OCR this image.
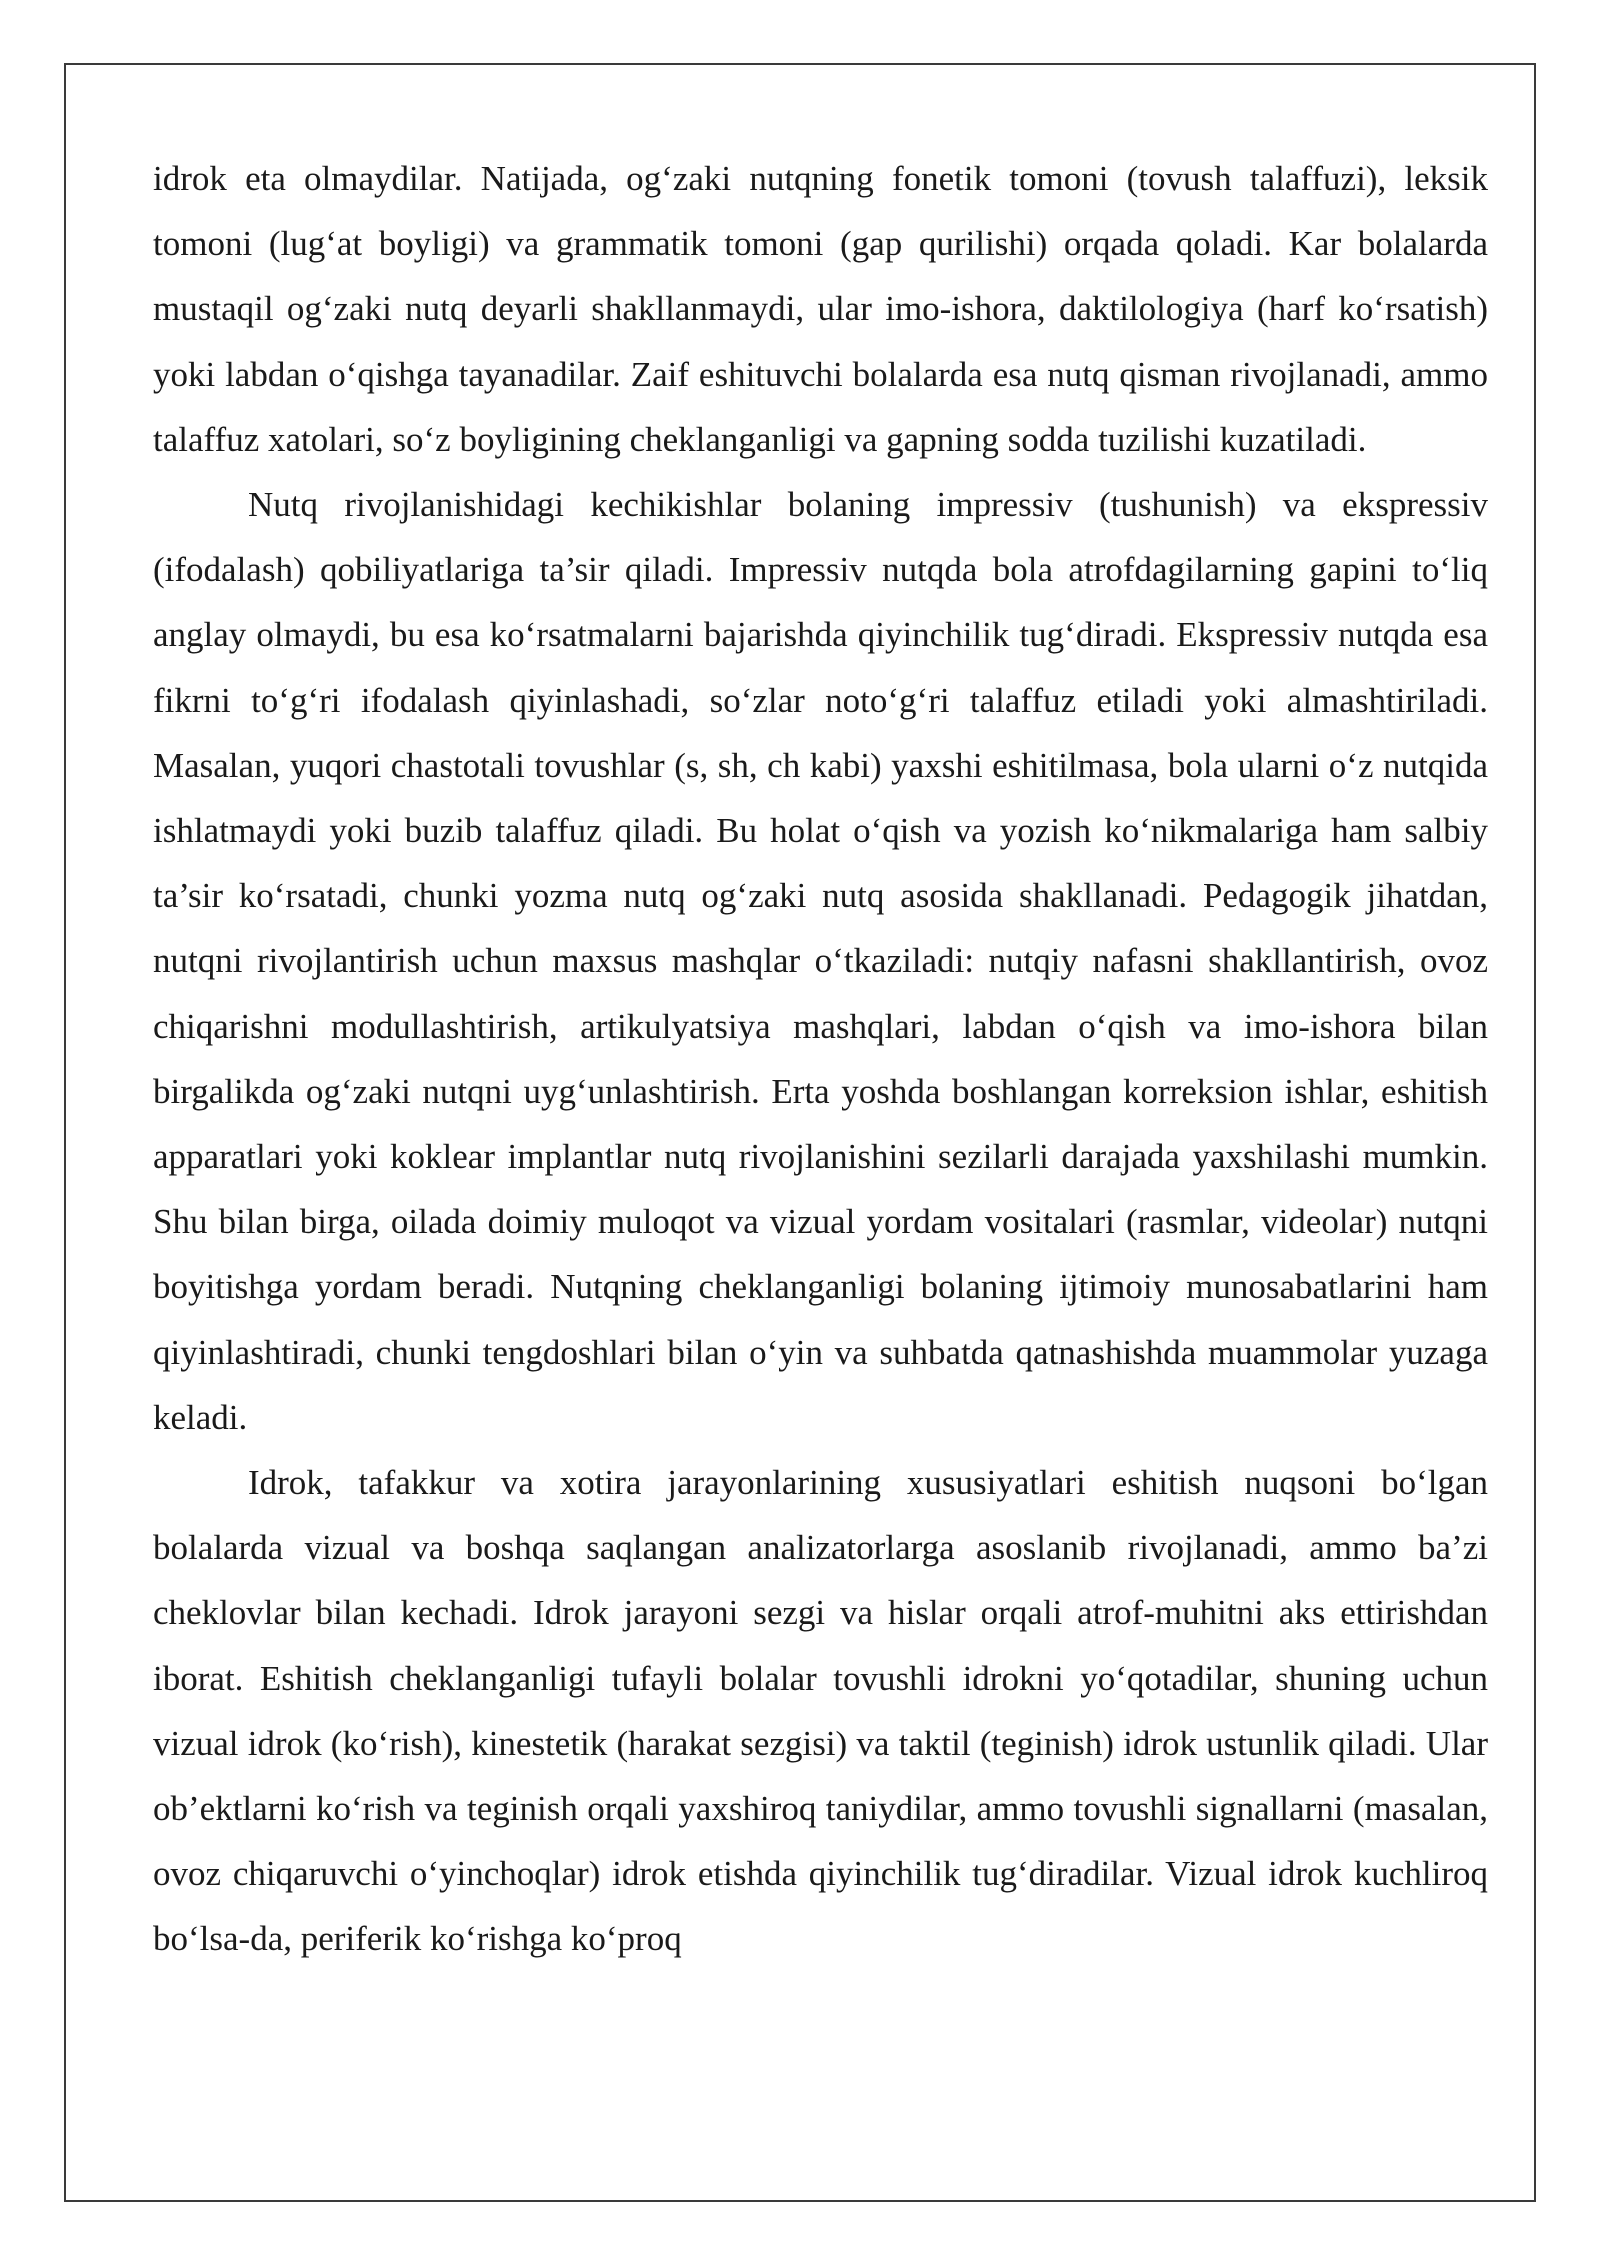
idrok eta olmaydilar. Natijada, og‘zaki nutqning fonetik tomoni (tovush talaffuzi), leksik tomoni (lug‘at boyligi) va grammatik tomoni (gap qurilishi) orqada qoladi. Kar bolalarda mustaqil og‘zaki nutq deyarli shakllanmaydi, ular imo-ishora, daktilologiya (harf ko‘rsatish) yoki labdan o‘qishga tayanadilar. Zaif eshituvchi bolalarda esa nutq qisman rivojlanadi, ammo talaffuz xatolari, so‘z boyligining cheklanganligi va gapning sodda tuzilishi kuzatiladi.

Nutq rivojlanishidagi kechikishlar bolaning impressiv (tushunish) va ekspressiv (ifodalash) qobiliyatlariga ta’sir qiladi. Impressiv nutqda bola atrofdagilarning gapini to‘liq anglay olmaydi, bu esa ko‘rsatmalarni bajarishda qiyinchilik tug‘diradi. Ekspressiv nutqda esa fikrni to‘g‘ri ifodalash qiyinlashadi, so‘zlar noto‘g‘ri talaffuz etiladi yoki almashtiriladi. Masalan, yuqori chastotali tovushlar (s, sh, ch kabi) yaxshi eshitilmasa, bola ularni o‘z nutqida ishlatmaydi yoki buzib talaffuz qiladi. Bu holat o‘qish va yozish ko‘nikmalariga ham salbiy ta’sir ko‘rsatadi, chunki yozma nutq og‘zaki nutq asosida shakllanadi. Pedagogik jihatdan, nutqni rivojlantirish uchun maxsus mashqlar o‘tkaziladi: nutqiy nafasni shakllantirish, ovoz chiqarishni modullashtirish, artikulyatsiya mashqlari, labdan o‘qish va imo-ishora bilan birgalikda og‘zaki nutqni uyg‘unlashtirish. Erta yoshda boshlangan korreksion ishlar, eshitish apparatlari yoki koklear implantlar nutq rivojlanishini sezilarli darajada yaxshilashi mumkin. Shu bilan birga, oilada doimiy muloqot va vizual yordam vositalari (rasmlar, videolar) nutqni boyitishga yordam beradi. Nutqning cheklanganligi bolaning ijtimoiy munosabatlarini ham qiyinlashtiradi, chunki tengdoshlari bilan o‘yin va suhbatda qatnashishda muammolar yuzaga keladi.

Idrok, tafakkur va xotira jarayonlarining xususiyatlari eshitish nuqsoni bo‘lgan bolalarda vizual va boshqa saqlangan analizatorlarga asoslanib rivojlanadi, ammo ba’zi cheklovlar bilan kechadi. Idrok jarayoni sezgi va hislar orqali atrof-muhitni aks ettirishdan iborat. Eshitish cheklanganligi tufayli bolalar tovushli idrokni yo‘qotadilar, shuning uchun vizual idrok (ko‘rish), kinestetik (harakat sezgisi) va taktil (teginish) idrok ustunlik qiladi. Ular ob’ektlarni ko‘rish va teginish orqali yaxshiroq taniydilar, ammo tovushli signallarni (masalan, ovoz chiqaruvchi o‘yinchoqlar) idrok etishda qiyinchilik tug‘diradilar. Vizual idrok kuchliroq bo‘lsa-da, periferik ko‘rishga ko‘proq
